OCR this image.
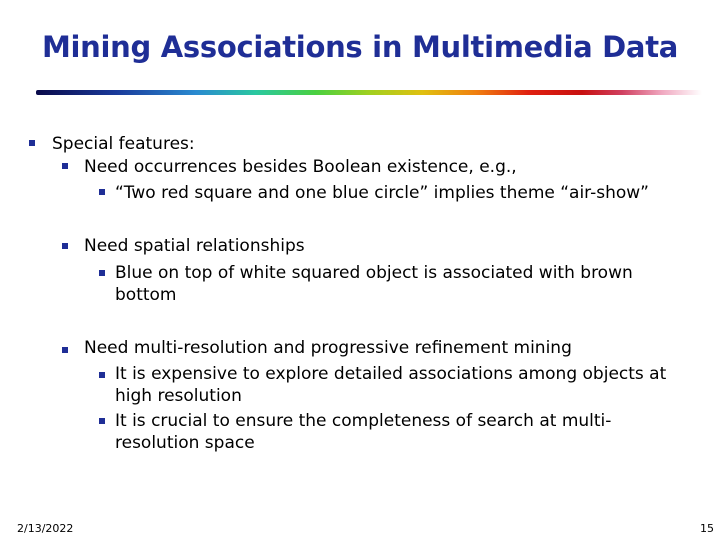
Mining Associations in Multimedia Data
Special features:
Need occurrences besides Boolean existence, e.g.,
“Two red square and one blue circle” implies theme “air-show”
Need spatial relationships
Blue on top of white squared object is associated with brown
bottom
Need multi-resolution and progressive refinement mining
It is expensive to explore detailed associations among objects at
high resolution
It is crucial to ensure the completeness of search at multi-
resolution space
2/13/2022	15
